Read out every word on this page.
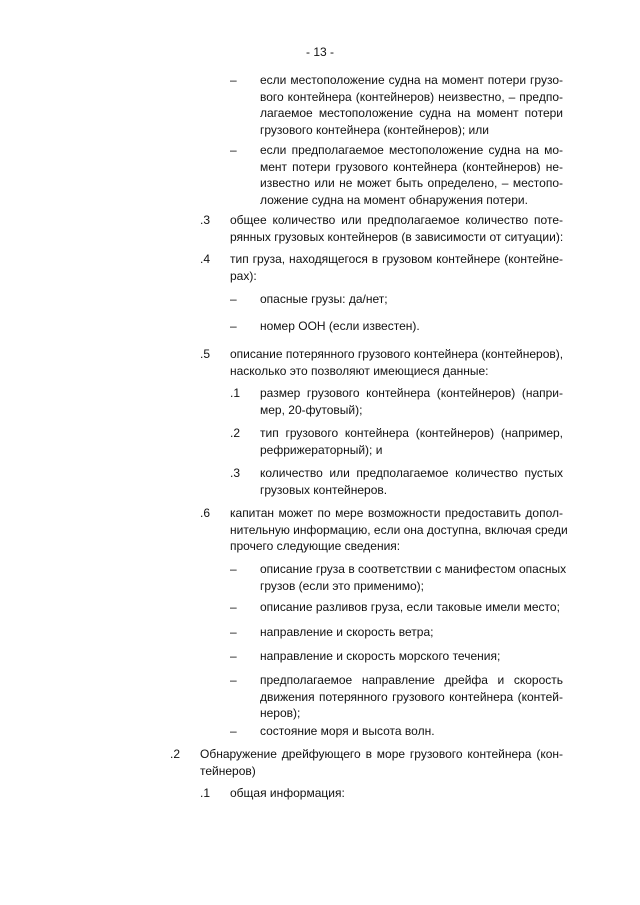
- 13 -
– если местоположение судна на момент потери грузо-
вого контейнера (контейнеров) неизвестно, – предпо-
лагаемое местоположение судна на момент потери
грузового контейнера (контейнеров); или
– если предполагаемое местоположение судна на мо-
мент потери грузового контейнера (контейнеров) не-
известно или не может быть определено, – местопо-
ложение судна на момент обнаружения потери.
.3 общее количество или предполагаемое количество поте-
рянных грузовых контейнеров (в зависимости от ситуации):
.4 тип груза, находящегося в грузовом контейнере (контейне-
рах):
– опасные грузы: да/нет;
– номер ООН (если известен).
.5 описание потерянного грузового контейнера (контейнеров),
насколько это позволяют имеющиеся данные:
.1 размер грузового контейнера (контейнеров) (напри-
мер, 20-футовый);
.2 тип грузового контейнера (контейнеров) (например,
рефрижераторный); и
.3 количество или предполагаемое количество пустых
грузовых контейнеров.
.6 капитан может по мере возможности предоставить допол-
нительную информацию, если она доступна, включая среди
прочего следующие сведения:
– описание груза в соответствии с манифестом опасных
грузов (если это применимо);
– описание разливов груза, если таковые имели место;
– направление и скорость ветра;
– направление и скорость морского течения;
– предполагаемое направление дрейфа и скорость
движения потерянного грузового контейнера (контей-
неров);
– состояние моря и высота волн.
.2 Обнаружение дрейфующего в море грузового контейнера (кон-
тейнеров)
.1 общая информация:
